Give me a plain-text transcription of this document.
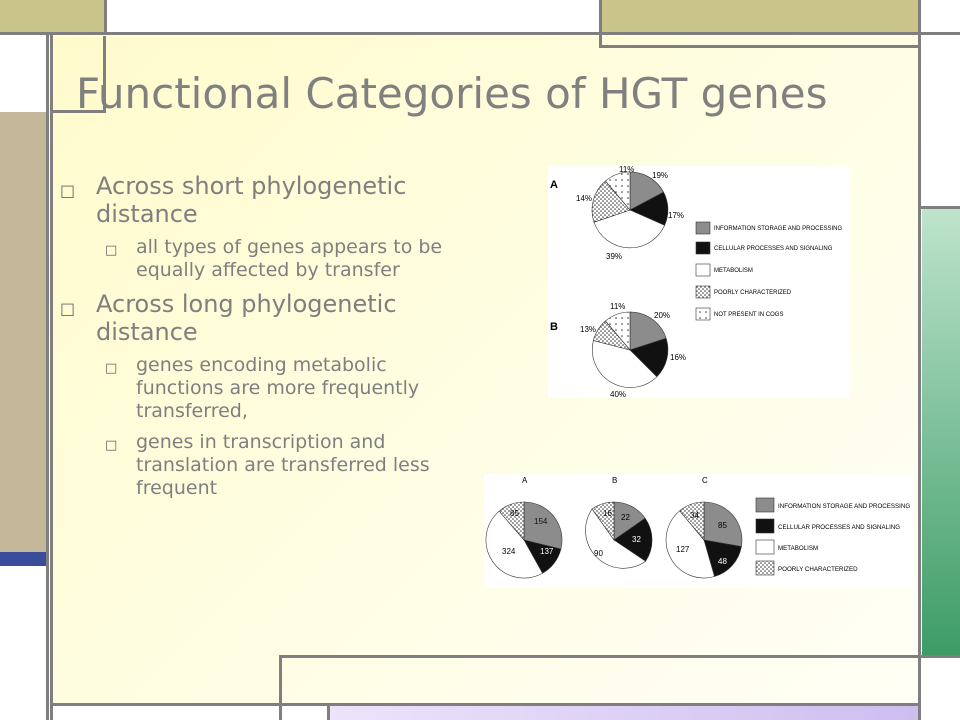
Functional Categories of HGT genes
□ Across short phylogenetic distance
□ all types of genes appears to be equally affected by transfer
□ Across long phylogenetic distance
□ genes encoding metabolic functions are more frequently transferred,
□ genes in transcription and translation are transferred less frequent
A
B
19%
17%
39%
14%
11%
20%
16%
40%
13%
11%
INFORMATION STORAGE AND PROCESSING
CELLULAR PROCESSES AND SIGNALING
METABOLISM
POORLY CHARACTERIZED
NOT PRESENT IN COGS
A	B	C
154
137
324
85	22
32
90
16
85
48
127
34
INFORMATION STORAGE AND PROCESSING
CELLULAR PROCESSES AND SIGNALING
METABOLISM
POORLY CHARACTERIZED
